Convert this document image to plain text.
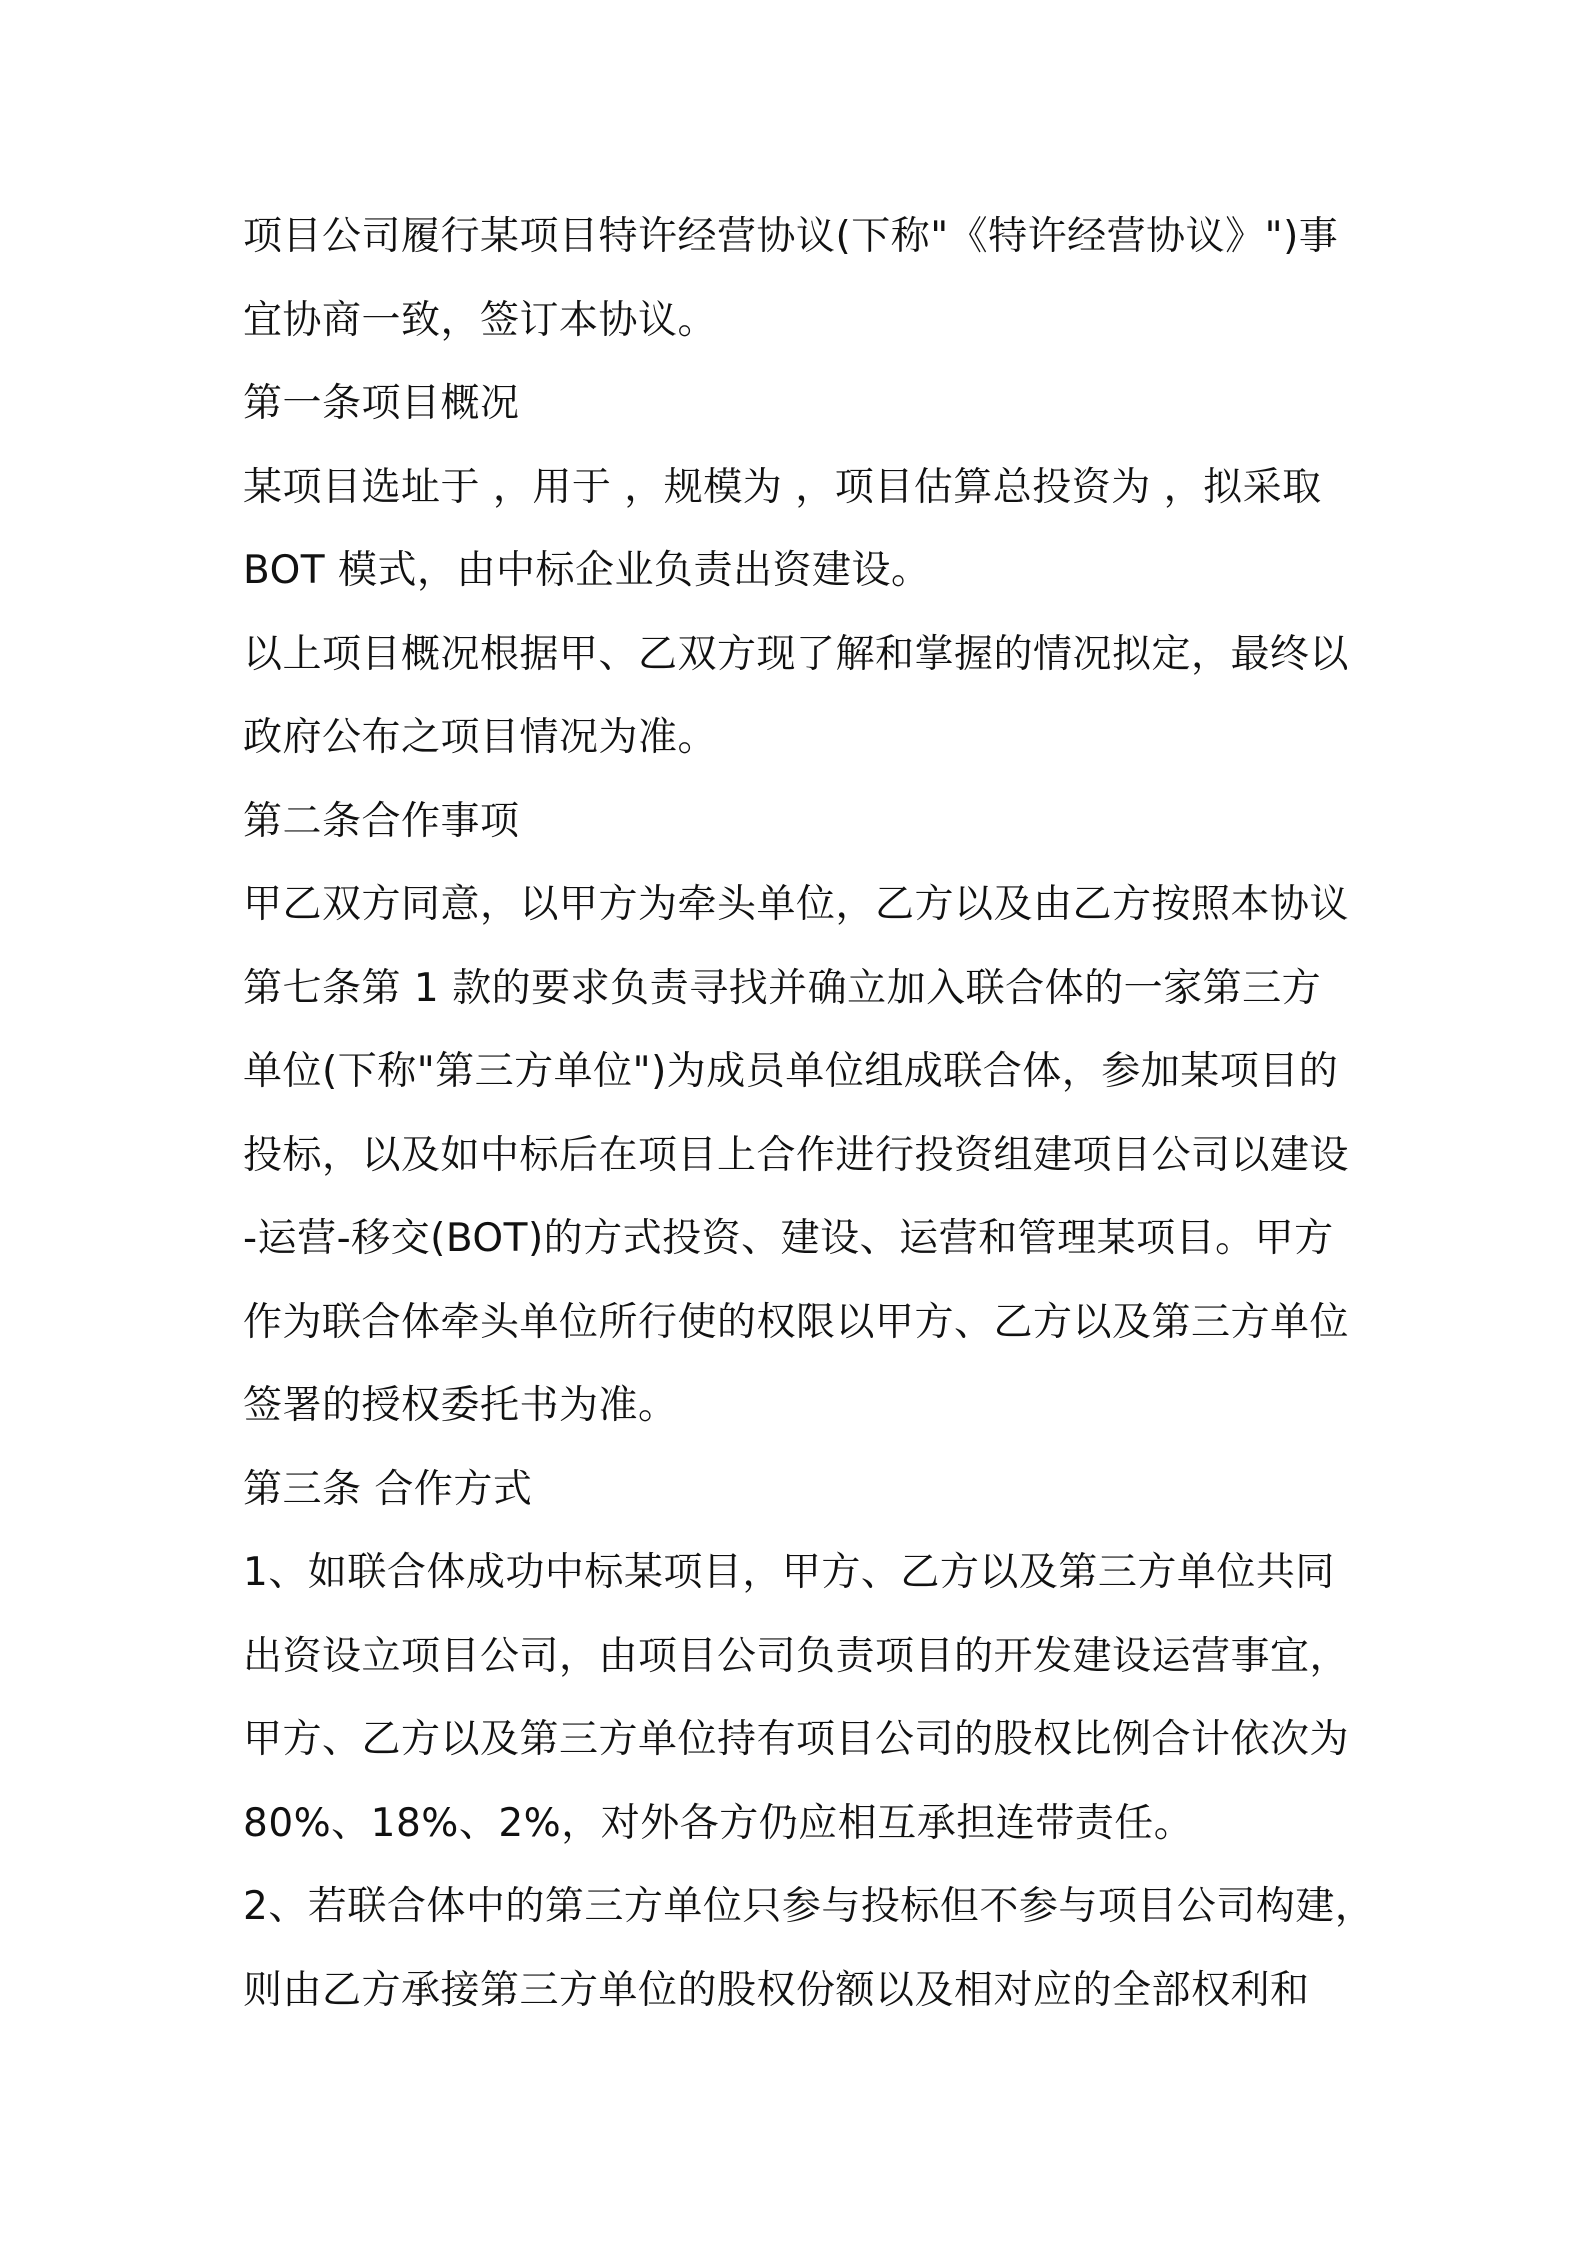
项目公司履行某项目特许经营协议(下称"《特许经营协议》")事
宜协商一致，签订本协议。
第一条项目概况
某项目选址于 ，用于 ，规模为 ，项目估算总投资为 ，拟采取
BOT 模式，由中标企业负责出资建设。
以上项目概况根据甲、乙双方现了解和掌握的情况拟定，最终以
政府公布之项目情况为准。
第二条合作事项
甲乙双方同意，以甲方为牵头单位，乙方以及由乙方按照本协议
第七条第 1 款的要求负责寻找并确立加入联合体的一家第三方
单位(下称"第三方单位")为成员单位组成联合体，参加某项目的
投标，以及如中标后在项目上合作进行投资组建项目公司以建设
-运营-移交(BOT)的方式投资、建设、运营和管理某项目。甲方
作为联合体牵头单位所行使的权限以甲方、乙方以及第三方单位
签署的授权委托书为准。
第三条 合作方式
1、如联合体成功中标某项目，甲方、乙方以及第三方单位共同
出资设立项目公司，由项目公司负责项目的开发建设运营事宜，
甲方、乙方以及第三方单位持有项目公司的股权比例合计依次为
80%、18%、2%，对外各方仍应相互承担连带责任。
2、若联合体中的第三方单位只参与投标但不参与项目公司构建，
则由乙方承接第三方单位的股权份额以及相对应的全部权利和
